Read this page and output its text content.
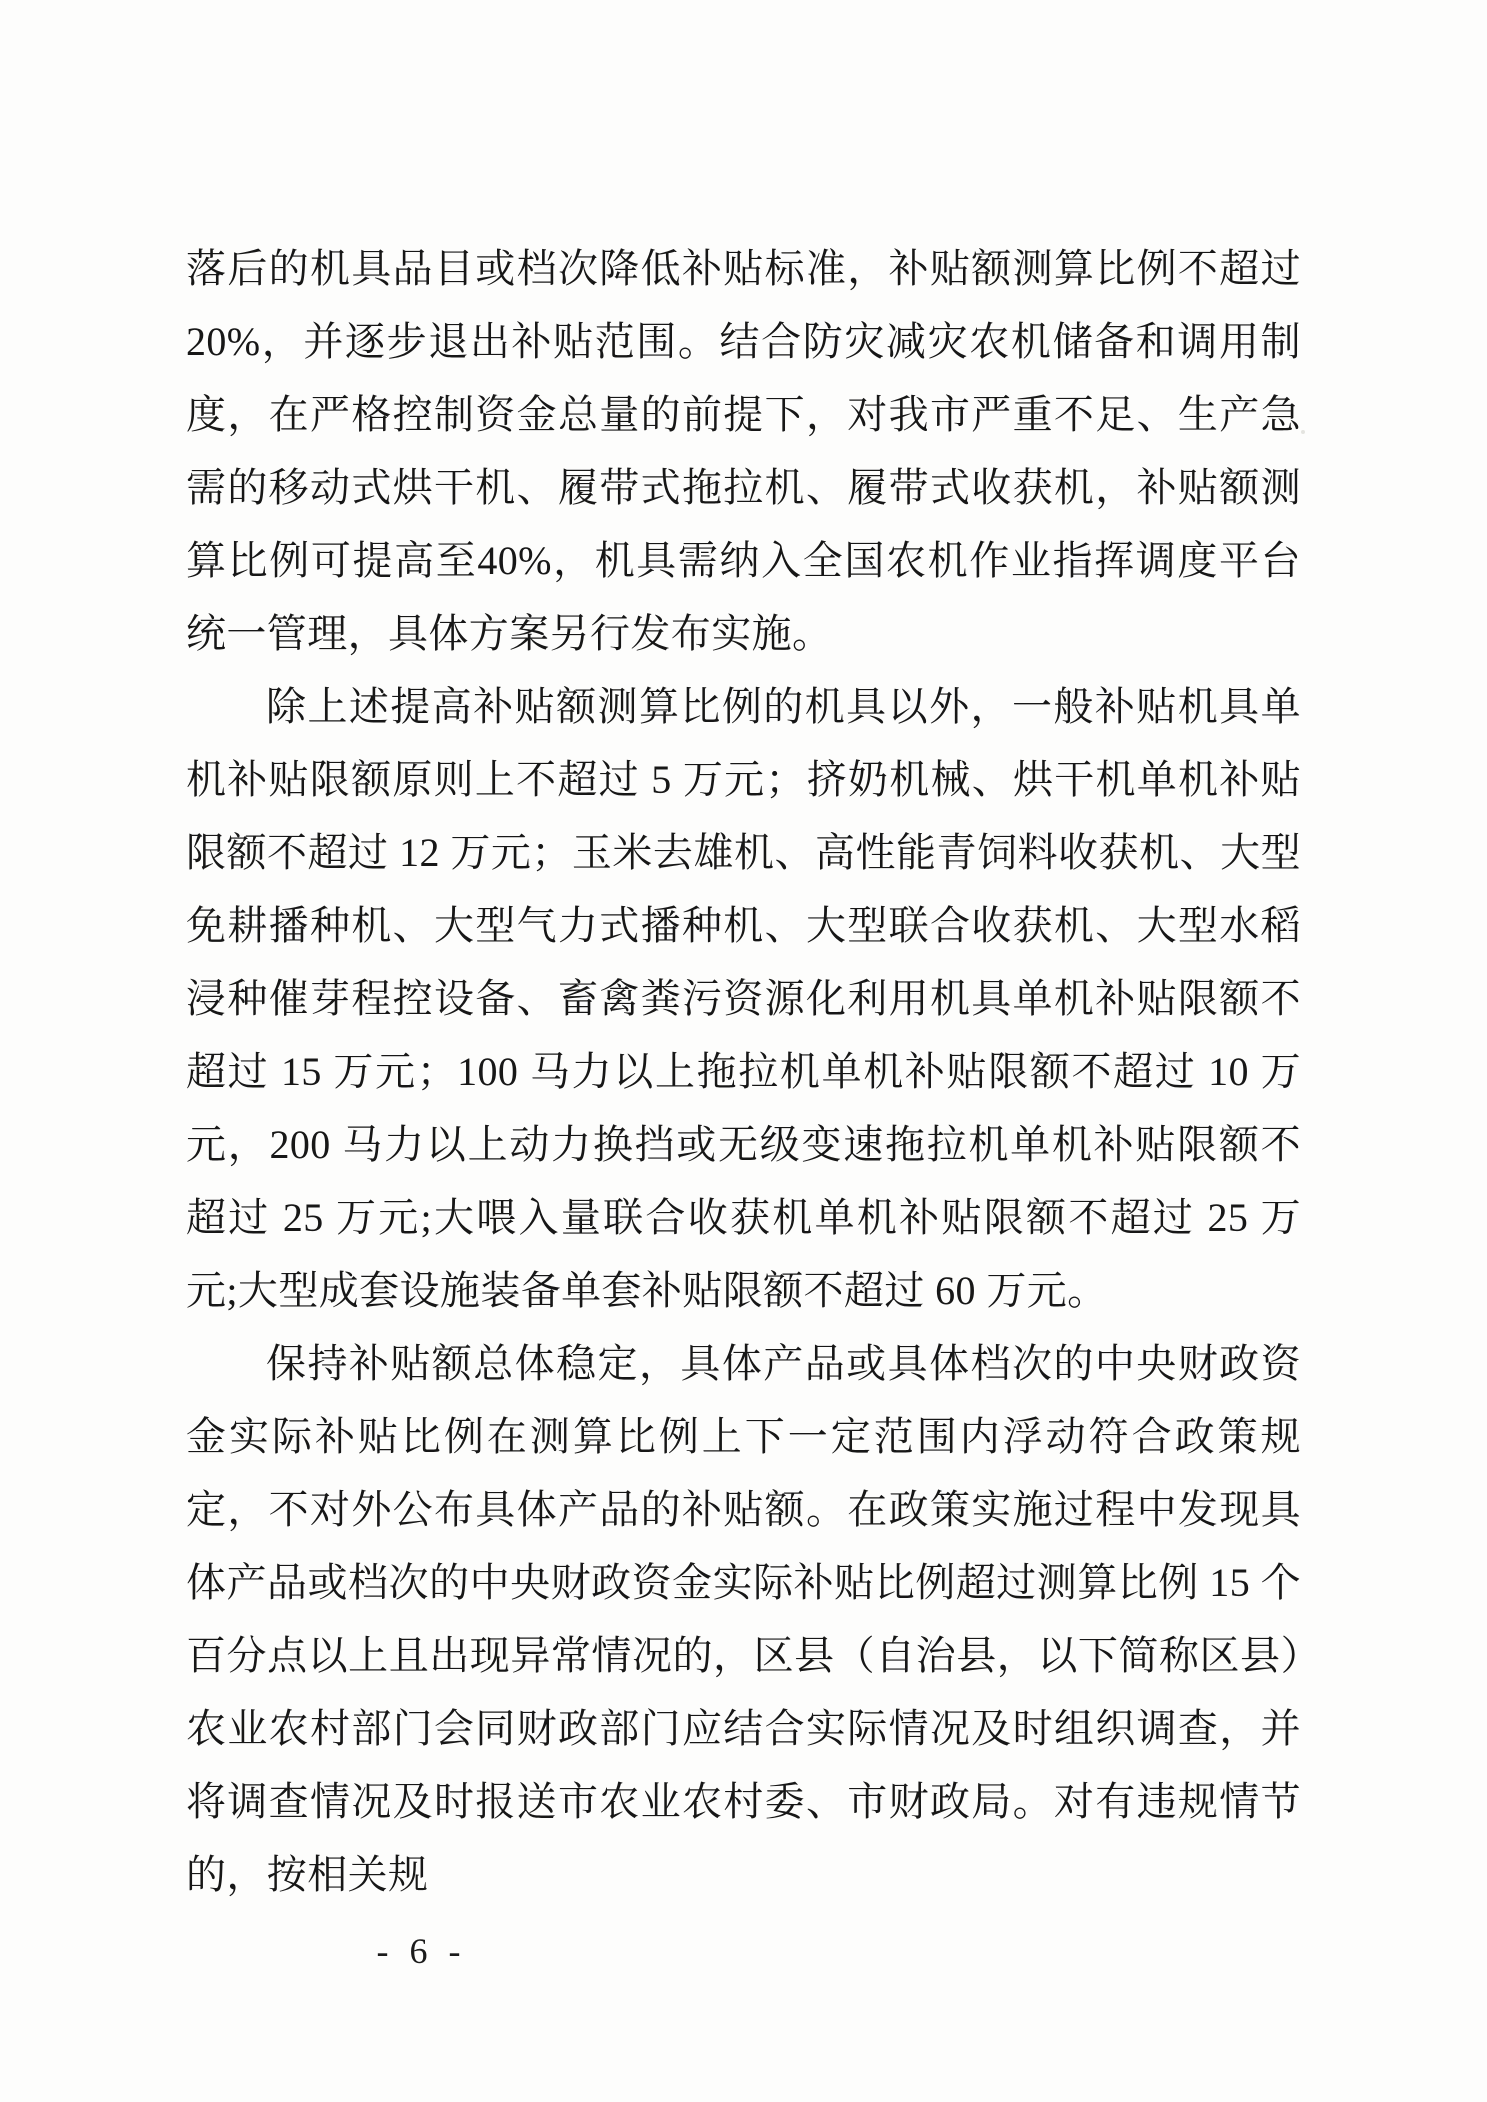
落后的机具品目或档次降低补贴标准，补贴额测算比例不超过20%，并逐步退出补贴范围。结合防灾减灾农机储备和调用制度，在严格控制资金总量的前提下，对我市严重不足、生产急需的移动式烘干机、履带式拖拉机、履带式收获机，补贴额测算比例可提高至40%，机具需纳入全国农机作业指挥调度平台统一管理，具体方案另行发布实施。

除上述提高补贴额测算比例的机具以外，一般补贴机具单机补贴限额原则上不超过 5 万元；挤奶机械、烘干机单机补贴限额不超过 12 万元；玉米去雄机、高性能青饲料收获机、大型免耕播种机、大型气力式播种机、大型联合收获机、大型水稻浸种催芽程控设备、畜禽粪污资源化利用机具单机补贴限额不超过 15 万元；100 马力以上拖拉机单机补贴限额不超过 10 万元，200 马力以上动力换挡或无级变速拖拉机单机补贴限额不超过 25 万元;大喂入量联合收获机单机补贴限额不超过 25 万元;大型成套设施装备单套补贴限额不超过 60 万元。

保持补贴额总体稳定，具体产品或具体档次的中央财政资金实际补贴比例在测算比例上下一定范围内浮动符合政策规定，不对外公布具体产品的补贴额。在政策实施过程中发现具体产品或档次的中央财政资金实际补贴比例超过测算比例 15 个百分点以上且出现异常情况的，区县（自治县，以下简称区县）农业农村部门会同财政部门应结合实际情况及时组织调查，并将调查情况及时报送市农业农村委、市财政局。对有违规情节的，按相关规

- 6 -
